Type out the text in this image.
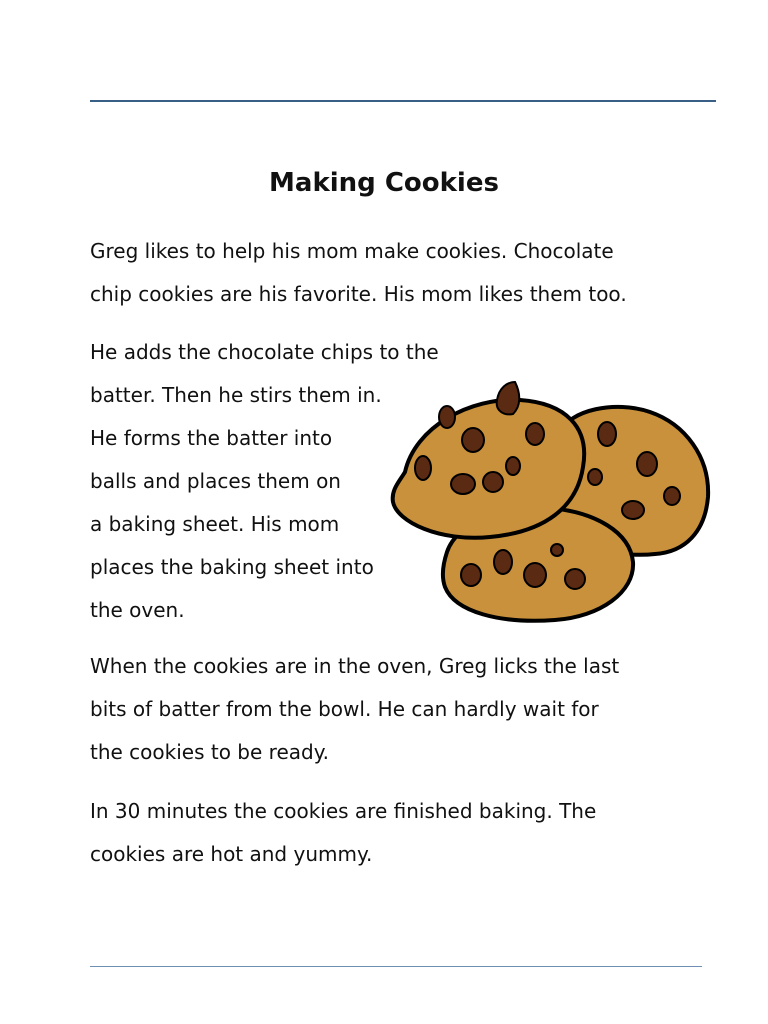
Making Cookies
Greg likes to help his mom make cookies. Chocolate
chip cookies are his favorite. His mom likes them too.
He adds the chocolate chips to the
batter. Then he stirs them in.
He forms the batter into
balls and places them on
a baking sheet. His mom
places the baking sheet into
the oven.
When the cookies are in the oven, Greg licks the last
bits of batter from the bowl. He can hardly wait for
the cookies to be ready.
In 30 minutes the cookies are finished baking. The
cookies are hot and yummy.
